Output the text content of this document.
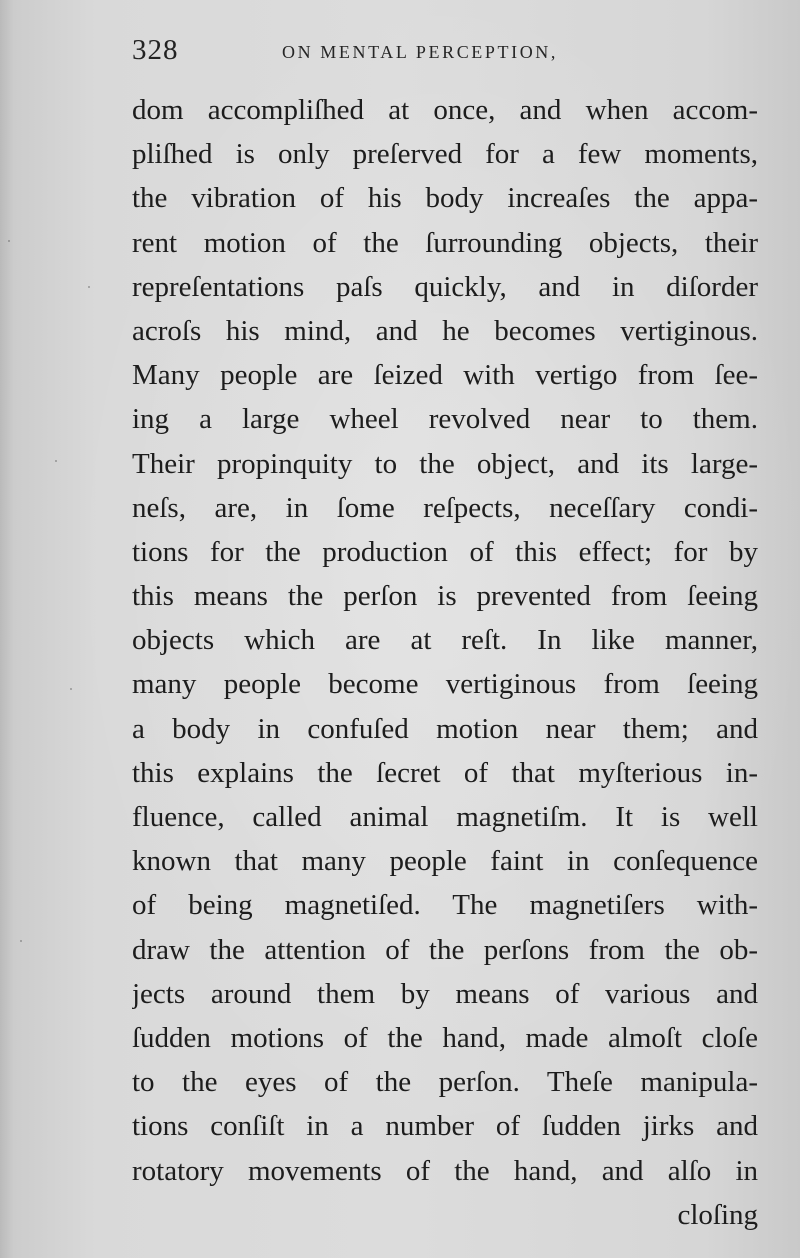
328	ON MENTAL PERCEPTION,
dom accompliſhed at once, and when accom-
pliſhed is only preſerved for a few moments,
the vibration of his body increaſes the appa-
rent motion of the ſurrounding objects, their
repreſentations paſs quickly, and in diſorder
acroſs his mind, and he becomes vertiginous.
Many people are ſeized with vertigo from ſee-
ing a large wheel revolved near to them.
Their propinquity to the object, and its large-
neſs, are, in ſome reſpects, neceſſary condi-
tions for the production of this effect; for by
this means the perſon is prevented from ſeeing
objects which are at reſt. In like manner,
many people become vertiginous from ſeeing
a body in confuſed motion near them; and
this explains the ſecret of that myſterious in-
fluence, called animal magnetiſm. It is well
known that many people faint in conſequence
of being magnetiſed. The magnetiſers with-
draw the attention of the perſons from the ob-
jects around them by means of various and
ſudden motions of the hand, made almoſt cloſe
to the eyes of the perſon. Theſe manipula-
tions conſiſt in a number of ſudden jirks and
rotatory movements of the hand, and alſo in
cloſing
